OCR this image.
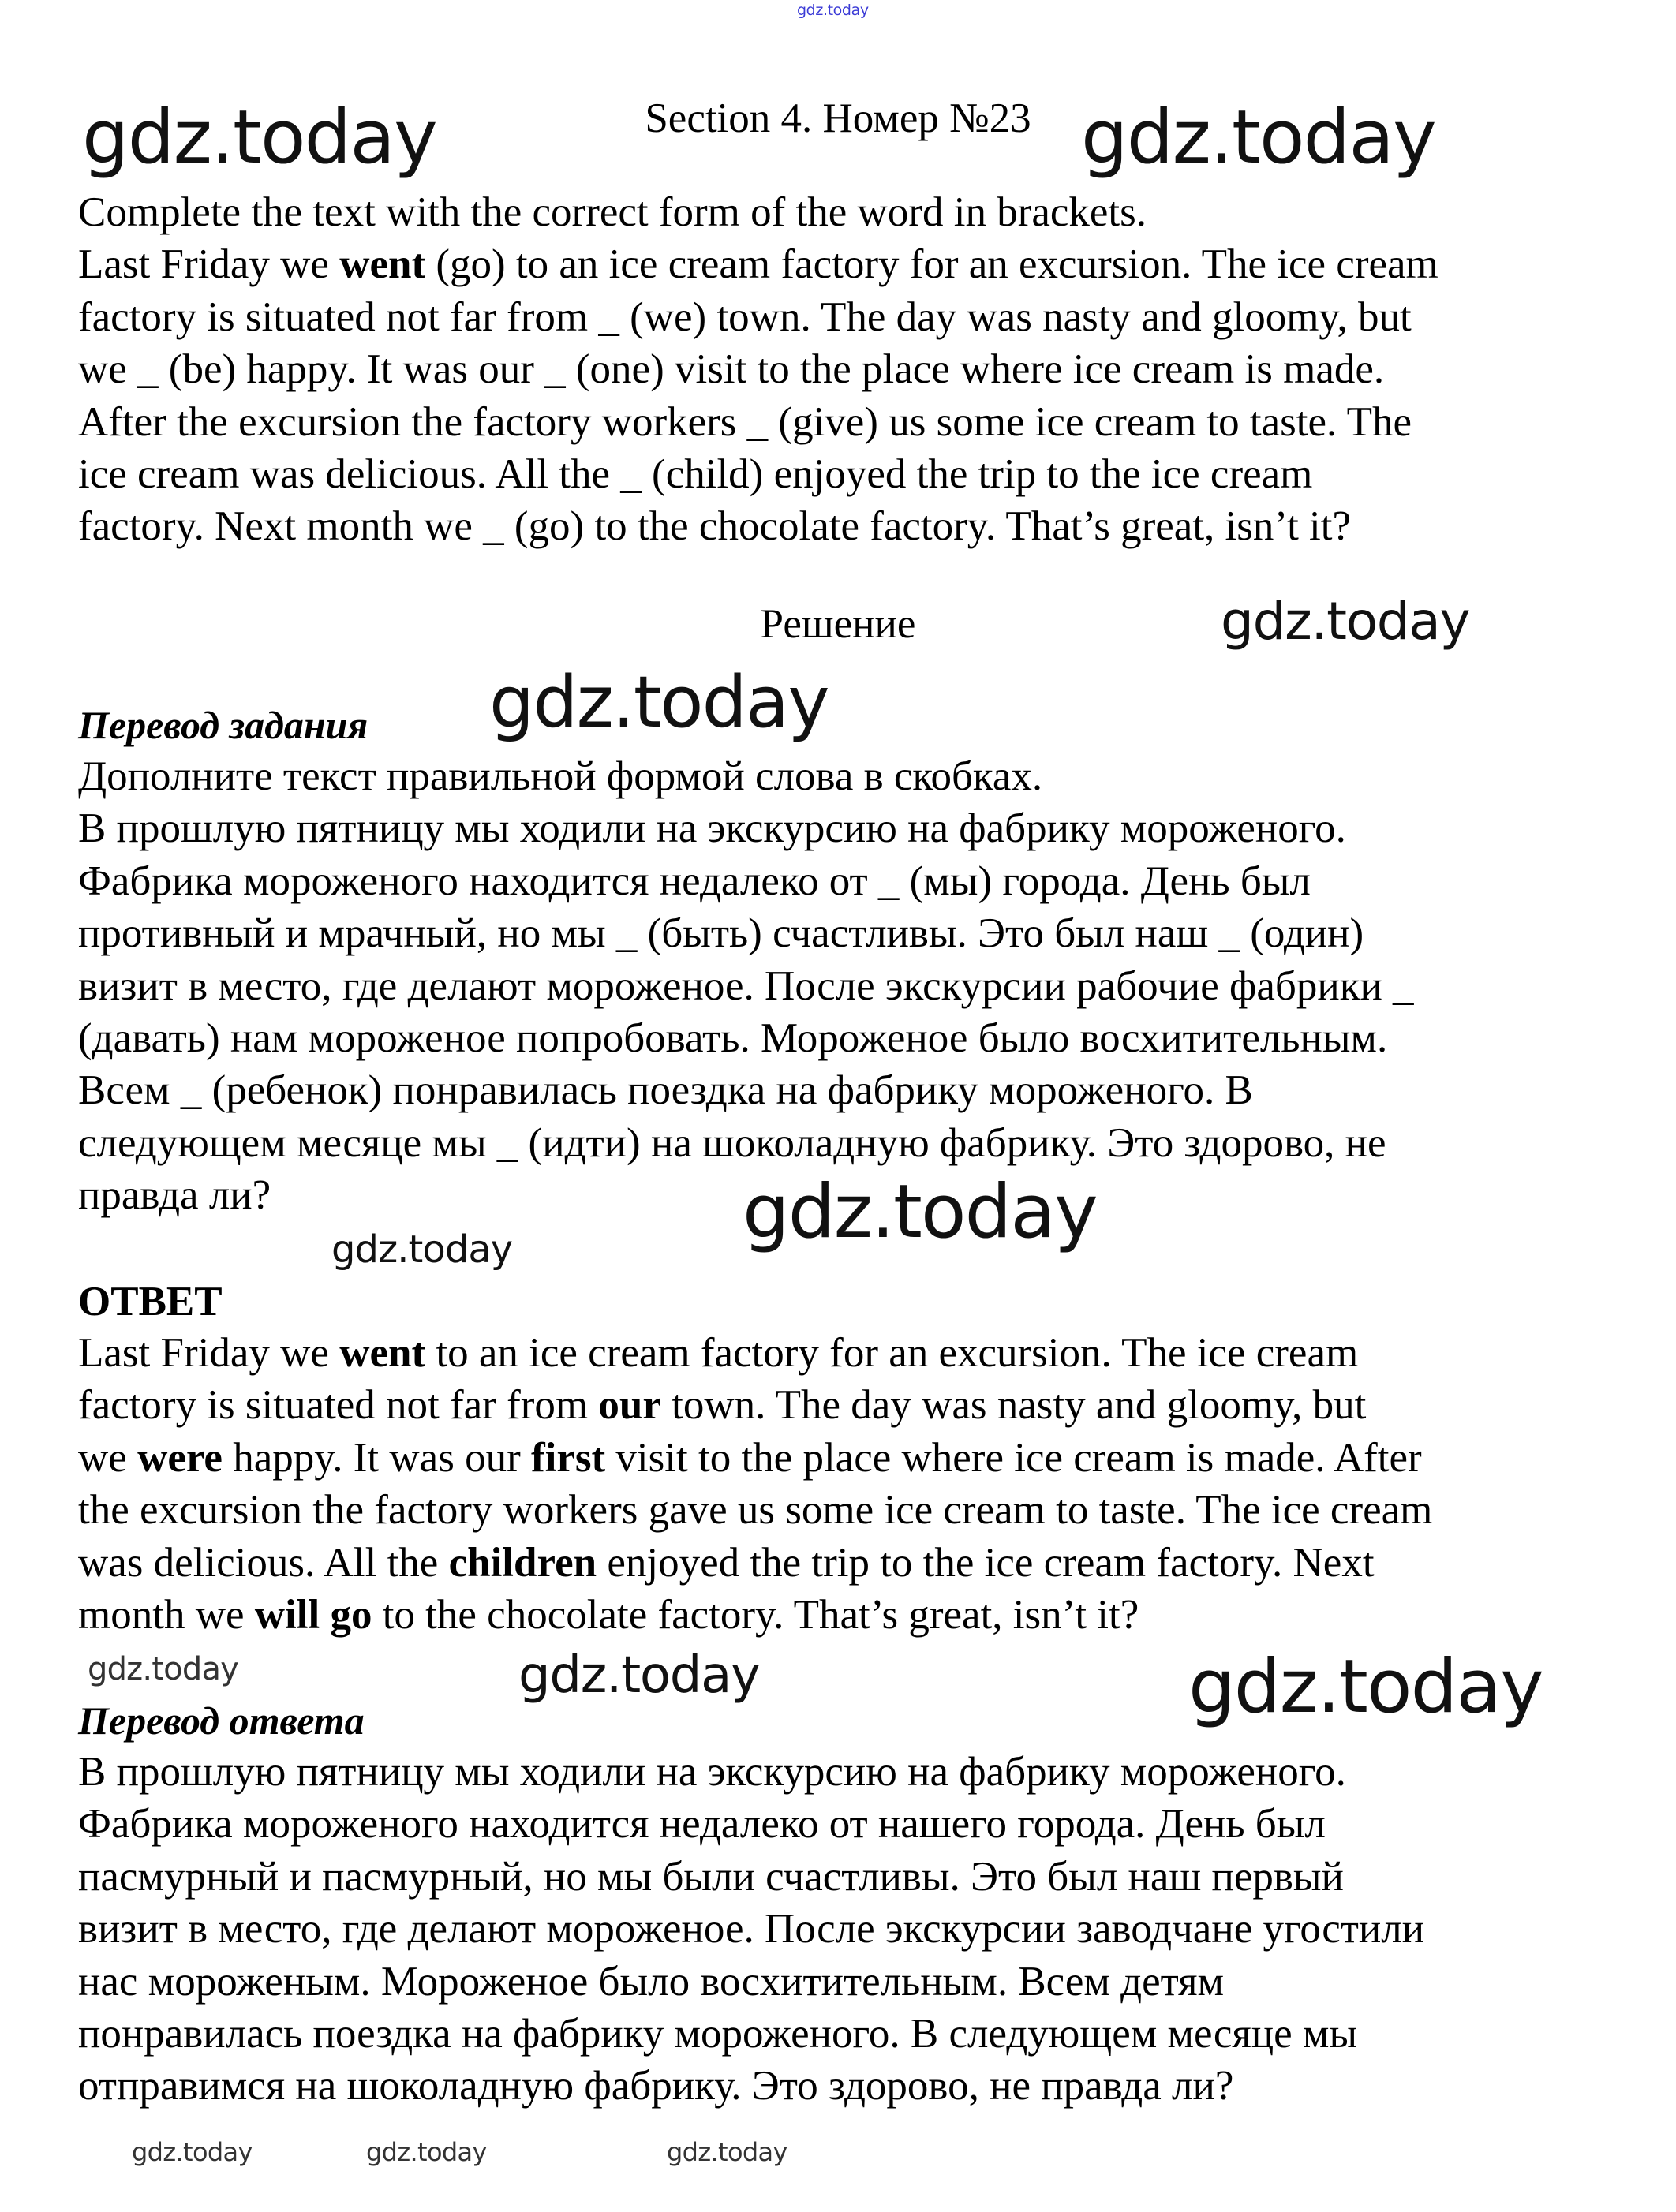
gdz.today
gdz.today	gdz.today
gdz.today
gdz.today
gdz.today
gdz.today
gdz.today	gdz.today	gdz.today
gdz.today	gdz.today	gdz.today
Section 4. Номер №23
Complete the text with the correct form of the word in brackets.
Last Friday we went (go) to an ice cream factory for an excursion. The ice cream
factory is situated not far from _ (we) town. The day was nasty and gloomy, but
we _ (be) happy. It was our _ (one) visit to the place where ice cream is made.
After the excursion the factory workers _ (give) us some ice cream to taste. The
ice cream was delicious. All the _ (child) enjoyed the trip to the ice cream
factory. Next month we _ (go) to the chocolate factory. That’s great, isn’t it?
Решение
Перевод задания
Дополните текст правильной формой слова в скобках.
В прошлую пятницу мы ходили на экскурсию на фабрику мороженого.
Фабрика мороженого находится недалеко от _ (мы) города. День был
противный и мрачный, но мы _ (быть) счастливы. Это был наш _ (один)
визит в место, где делают мороженое. После экскурсии рабочие фабрики _
(давать) нам мороженое попробовать. Мороженое было восхитительным.
Всем _ (ребенок) понравилась поездка на фабрику мороженого. В
следующем месяце мы _ (идти) на шоколадную фабрику. Это здорово, не
правда ли?
ОТВЕТ
Last Friday we went to an ice cream factory for an excursion. The ice cream
factory is situated not far from our town. The day was nasty and gloomy, but
we were happy. It was our first visit to the place where ice cream is made. After
the excursion the factory workers gave us some ice cream to taste. The ice cream
was delicious. All the children enjoyed the trip to the ice cream factory. Next
month we will go to the chocolate factory. That’s great, isn’t it?
Перевод ответа
В прошлую пятницу мы ходили на экскурсию на фабрику мороженого.
Фабрика мороженого находится недалеко от нашего города. День был
пасмурный и пасмурный, но мы были счастливы. Это был наш первый
визит в место, где делают мороженое. После экскурсии заводчане угостили
нас мороженым. Мороженое было восхитительным. Всем детям
понравилась поездка на фабрику мороженого. В следующем месяце мы
отправимся на шоколадную фабрику. Это здорово, не правда ли?
